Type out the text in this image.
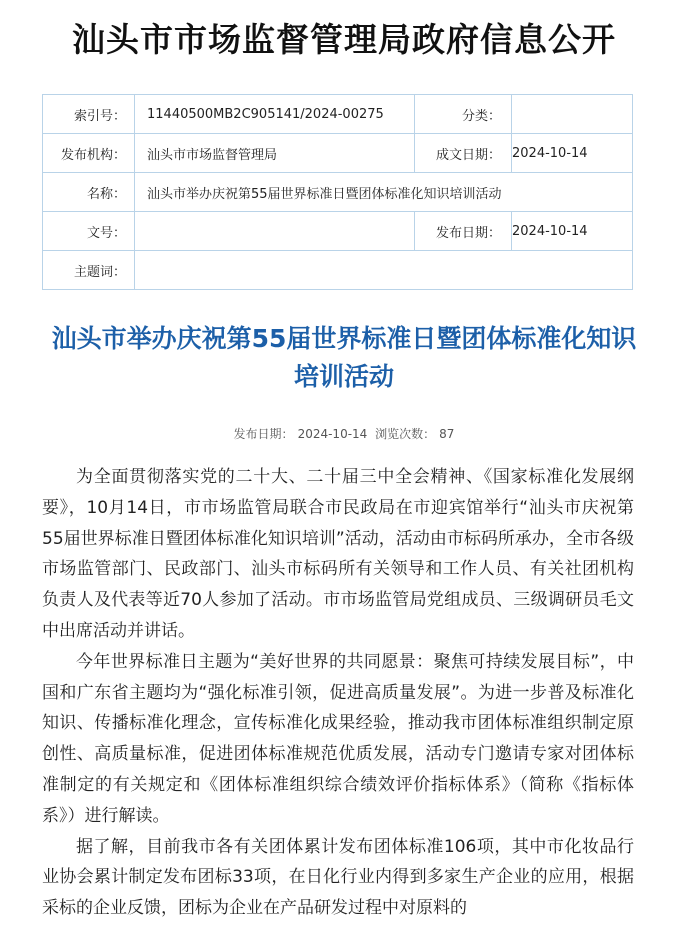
汕头市市场监督管理局政府信息公开
索引号：	11440500MB2C905141/2024-00275	分类：	
发布机构：	汕头市市场监督管理局	成文日期：	2024-10-14
名称：	汕头市举办庆祝第55届世界标准日暨团体标准化知识培训活动		
文号：		发布日期：	2024-10-14
主题词：			
汕头市举办庆祝第55届世界标准日暨团体标准化知识培训活动
发布日期： 2024-10-14 浏览次数： 87

为全面贯彻落实党的二十大、二十届三中全会精神、《国家标准化发展纲要》，10月14日，市市场监管局联合市民政局在市迎宾馆举行“汕头市庆祝第55届世界标准日暨团体标准化知识培训”活动，活动由市标码所承办，全市各级市场监管部门、民政部门、汕头市标码所有关领导和工作人员、有关社团机构负责人及代表等近70人参加了活动。市市场监管局党组成员、三级调研员毛文中出席活动并讲话。

今年世界标准日主题为“美好世界的共同愿景：聚焦可持续发展目标”，中国和广东省主题均为“强化标准引领，促进高质量发展”。为进一步普及标准化知识、传播标准化理念，宣传标准化成果经验，推动我市团体标准组织制定原创性、高质量标准，促进团体标准规范优质发展，活动专门邀请专家对团体标准制定的有关规定和《团体标准组织综合绩效评价指标体系》（简称《指标体系》）进行解读。

据了解，目前我市各有关团体累计发布团体标准106项，其中市化妆品行业协会累计制定发布团标33项，在日化行业内得到多家生产企业的应用，根据采标的企业反馈，团标为企业在产品研发过程中对原料的
